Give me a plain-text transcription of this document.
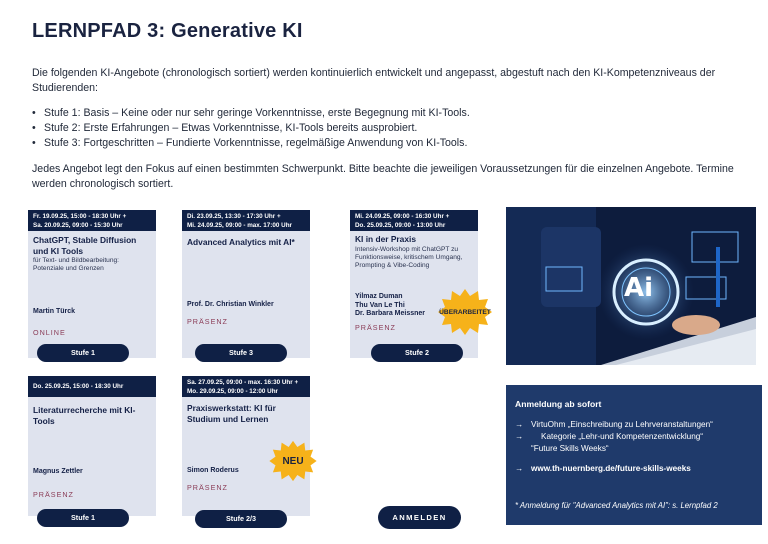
LERNPFAD 3: Generative KI
Die folgenden KI-Angebote (chronologisch sortiert) werden kontinuierlich entwickelt und angepasst, abgestuft nach den KI-Kompetenzniveaus der Studierenden:
• Stufe 1: Basis – Keine oder nur sehr geringe Vorkenntnisse, erste Begegnung mit KI-Tools.
• Stufe 2: Erste Erfahrungen – Etwas Vorkenntnisse, KI-Tools bereits ausprobiert.
• Stufe 3: Fortgeschritten – Fundierte Vorkenntnisse, regelmäßige Anwendung von KI-Tools.
Jedes Angebot legt den Fokus auf einen bestimmten Schwerpunkt. Bitte beachte die jeweiligen Voraussetzungen für die einzelnen Angebote. Termine werden chronologisch sortiert.
Fr. 19.09.25, 15:00 - 18:30 Uhr +
Sa. 20.09.25, 09:00 - 15:30 Uhr
ChatGPT, Stable Diffusion und KI Tools
für Text- und Bildbearbeitung: Potenziale und Grenzen
Martin Türck
ONLINE
Stufe 1
Di. 23.09.25, 13:30 - 17:30 Uhr +
Mi. 24.09.25, 09:00 - max. 17:00 Uhr
Advanced Analytics mit AI*
Prof. Dr. Christian Winkler
PRÄSENZ
Stufe 3
Mi. 24.09.25, 09:00 - 16:30 Uhr +
Do. 25.09.25, 09:00 - 13:00 Uhr
KI in der Praxis
Intensiv-Workshop mit ChatGPT zu Funktionsweise, kritischem Umgang, Prompting & Vibe-Coding
Yilmaz Duman
Thu Van Le Thi
Dr. Barbara Meissner
PRÄSENZ
Stufe 2
ÜBERARBEITET
Do. 25.09.25, 15:00 - 18:30 Uhr
Literaturrecherche mit KI-Tools
Magnus Zettler
PRÄSENZ
Stufe 1
Sa. 27.09.25, 09:00 - max. 16:30 Uhr +
Mo. 29.09.25, 09:00 - 12:00 Uhr
Praxiswerkstatt: KI für Studium und Lernen
Simon Roderus
PRÄSENZ
Stufe 2/3
NEU
Ai
Anmeldung ab sofort
→ VirtuOhm „Einschreibung zu Lehrveranstaltungen“
→	Kategorie „Lehr-und Kompetenzentwicklung“
“Future Skills Weeks“
→ www.th-nuernberg.de/future-skills-weeks
* Anmeldung für "Advanced Analytics mit AI": s. Lernpfad 2
ANMELDEN
